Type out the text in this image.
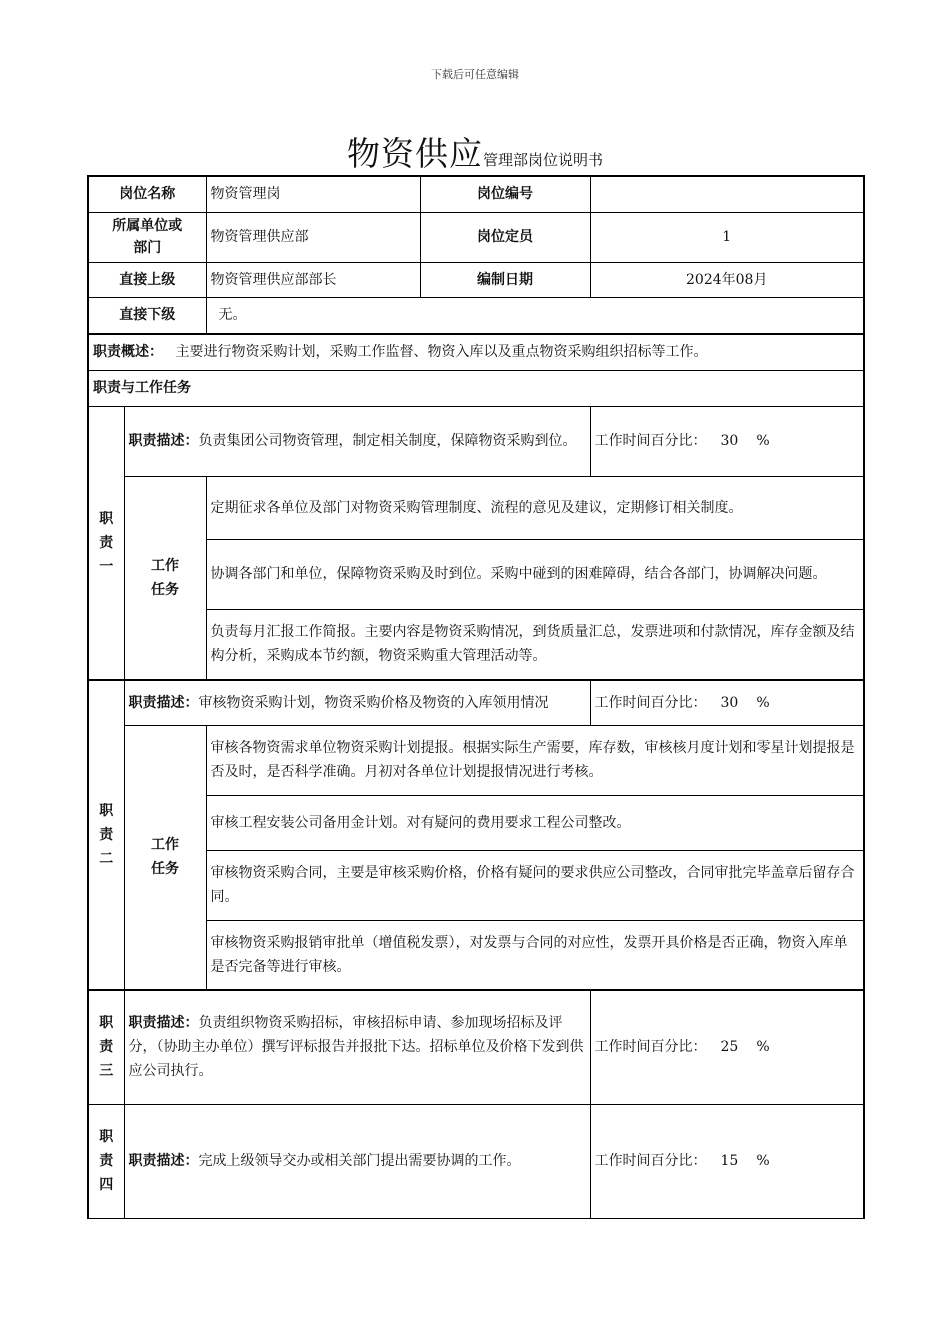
下载后可任意编辑
物资供应管理部岗位说明书
岗位名称		物资管理岗	岗位编号	
所属单位或部门		物资管理供应部	岗位定员	1
直接上级		物资管理供应部部长	编制日期	2024年08月
直接下级		无。		
职责概述： 主要进行物资采购计划，采购工作监督、物资入库以及重点物资采购组织招标等工作。				
职责与工作任务				

职
责
一	职责描述：负责集团公司物资管理，制定相关制度，保障物资采购到位。			工作时间百分比： 30 %

	工作
任务	定期征求各单位及部门对物资采购管理制度、流程的意见及建议，定期修订相关制度。		
		协调各部门和单位，保障物资采购及时到位。采购中碰到的困难障碍，结合各部门，协调解决问题。		
		负责每月汇报工作简报。主要内容是物资采购情况，到货质量汇总，发票进项和付款情况，库存金额及结构分析，采购成本节约额，物资采购重大管理活动等。		

职
责
二	职责描述：审核物资采购计划，物资采购价格及物资的入库领用情况			工作时间百分比： 30 %

	工作
任务	审核各物资需求单位物资采购计划提报。根据实际生产需要，库存数，审核核月度计划和零星计划提报是否及时，是否科学准确。月初对各单位计划提报情况进行考核。		
		审核工程安装公司备用金计划。对有疑问的费用要求工程公司整改。		
		审核物资采购合同，主要是审核采购价格，价格有疑问的要求供应公司整改，合同审批完毕盖章后留存合同。		
		审核物资采购报销审批单（增值税发票），对发票与合同的对应性，发票开具价格是否正确，物资入库单是否完备等进行审核。		

职
责
三	职责描述：负责组织物资采购招标，审核招标申请、参加现场招标及评分，（协助主办单位）撰写评标报告并报批下达。招标单位及价格下发到供应公司执行。			工作时间百分比： 25 %

职
责
四	职责描述：完成上级领导交办或相关部门提出需要协调的工作。			工作时间百分比： 15 %
